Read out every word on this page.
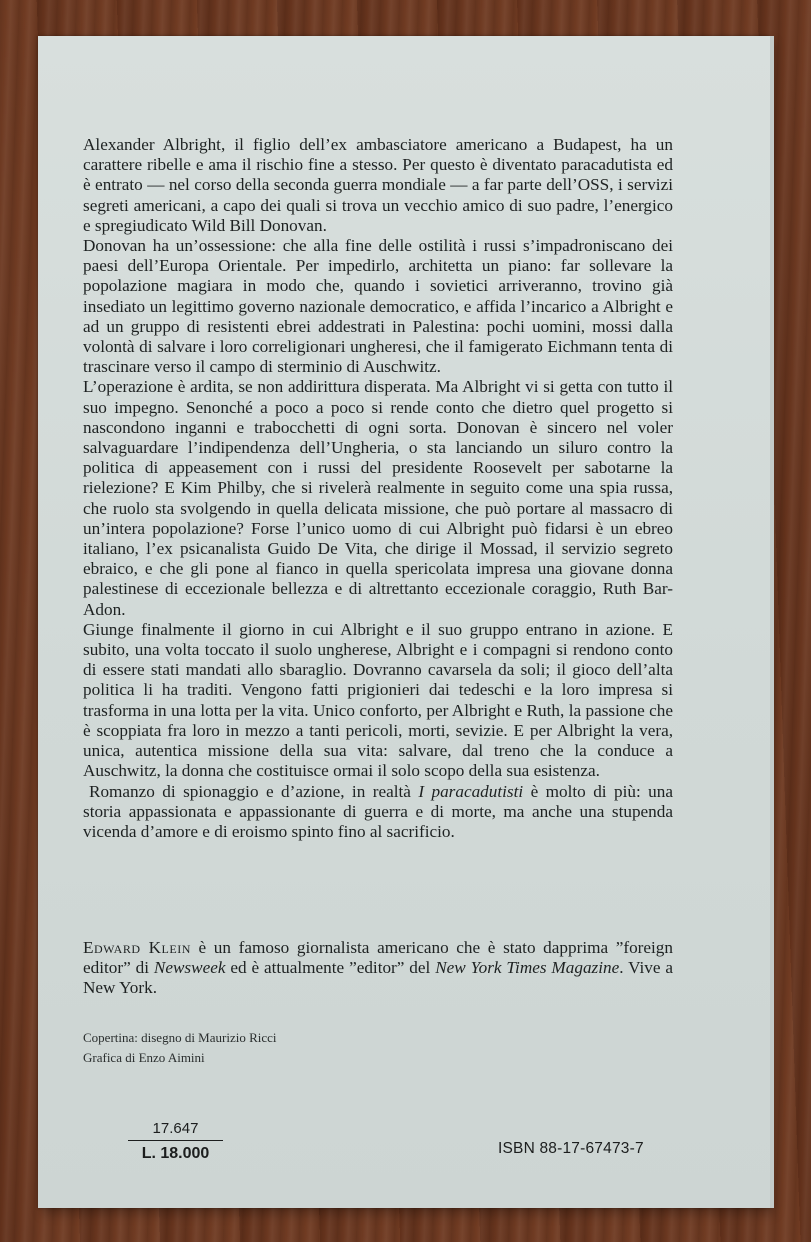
Alexander Albright, il figlio dell’ex ambasciatore americano a Budapest, ha un carattere ribelle e ama il rischio fine a stesso. Per questo è diventato paracadutista ed è entrato — nel corso della seconda guerra mondiale — a far parte dell’OSS, i servizi segreti americani, a capo dei quali si trova un vecchio amico di suo padre, l’energico e spregiudicato Wild Bill Donovan.

Donovan ha un’ossessione: che alla fine delle ostilità i russi s’impadroniscano dei paesi dell’Europa Orientale. Per impedirlo, architetta un piano: far sollevare la popolazione magiara in modo che, quando i sovietici arriveranno, trovino già insediato un legittimo governo nazionale democratico, e affida l’incarico a Albright e ad un gruppo di resistenti ebrei addestrati in Palestina: pochi uomini, mossi dalla volontà di salvare i loro correligionari ungheresi, che il famigerato Eichmann tenta di trascinare verso il campo di sterminio di Auschwitz.

L’operazione è ardita, se non addirittura disperata. Ma Albright vi si getta con tutto il suo impegno. Senonché a poco a poco si rende conto che dietro quel progetto si nascondono inganni e trabocchetti di ogni sorta. Donovan è sincero nel voler salvaguardare l’indipendenza dell’Ungheria, o sta lanciando un siluro contro la politica di appeasement con i russi del presidente Roosevelt per sabotarne la rielezione? E Kim Philby, che si rivelerà realmente in seguito come una spia russa, che ruolo sta svolgendo in quella delicata missione, che può portare al massacro di un’intera popolazione? Forse l’unico uomo di cui Albright può fidarsi è un ebreo italiano, l’ex psicanalista Guido De Vita, che dirige il Mossad, il servizio segreto ebraico, e che gli pone al fianco in quella spericolata impresa una giovane donna palestinese di eccezionale bellezza e di altrettanto eccezionale coraggio, Ruth Bar-Adon.

Giunge finalmente il giorno in cui Albright e il suo gruppo entrano in azione. E subito, una volta toccato il suolo ungherese, Albright e i compagni si rendono conto di essere stati mandati allo sbaraglio. Dovranno cavarsela da soli; il gioco dell’alta politica li ha traditi. Vengono fatti prigionieri dai tedeschi e la loro impresa si trasforma in una lotta per la vita. Unico conforto, per Albright e Ruth, la passione che è scoppiata fra loro in mezzo a tanti pericoli, morti, sevizie. E per Albright la vera, unica, autentica missione della sua vita: salvare, dal treno che la conduce a Auschwitz, la donna che costituisce ormai il solo scopo della sua esistenza.

Romanzo di spionaggio e d’azione, in realtà I paracadutisti è molto di più: una storia appassionata e appassionante di guerra e di morte, ma anche una stupenda vicenda d’amore e di eroismo spinto fino al sacrificio.

Edward Klein è un famoso giornalista americano che è stato dapprima ”foreign editor” di Newsweek ed è attualmente ”editor” del New York Times Magazine. Vive a New York.
Copertina: disegno di Maurizio Ricci
Grafica di Enzo Aimini
17.647
L. 18.000	ISBN 88-17-67473-7
